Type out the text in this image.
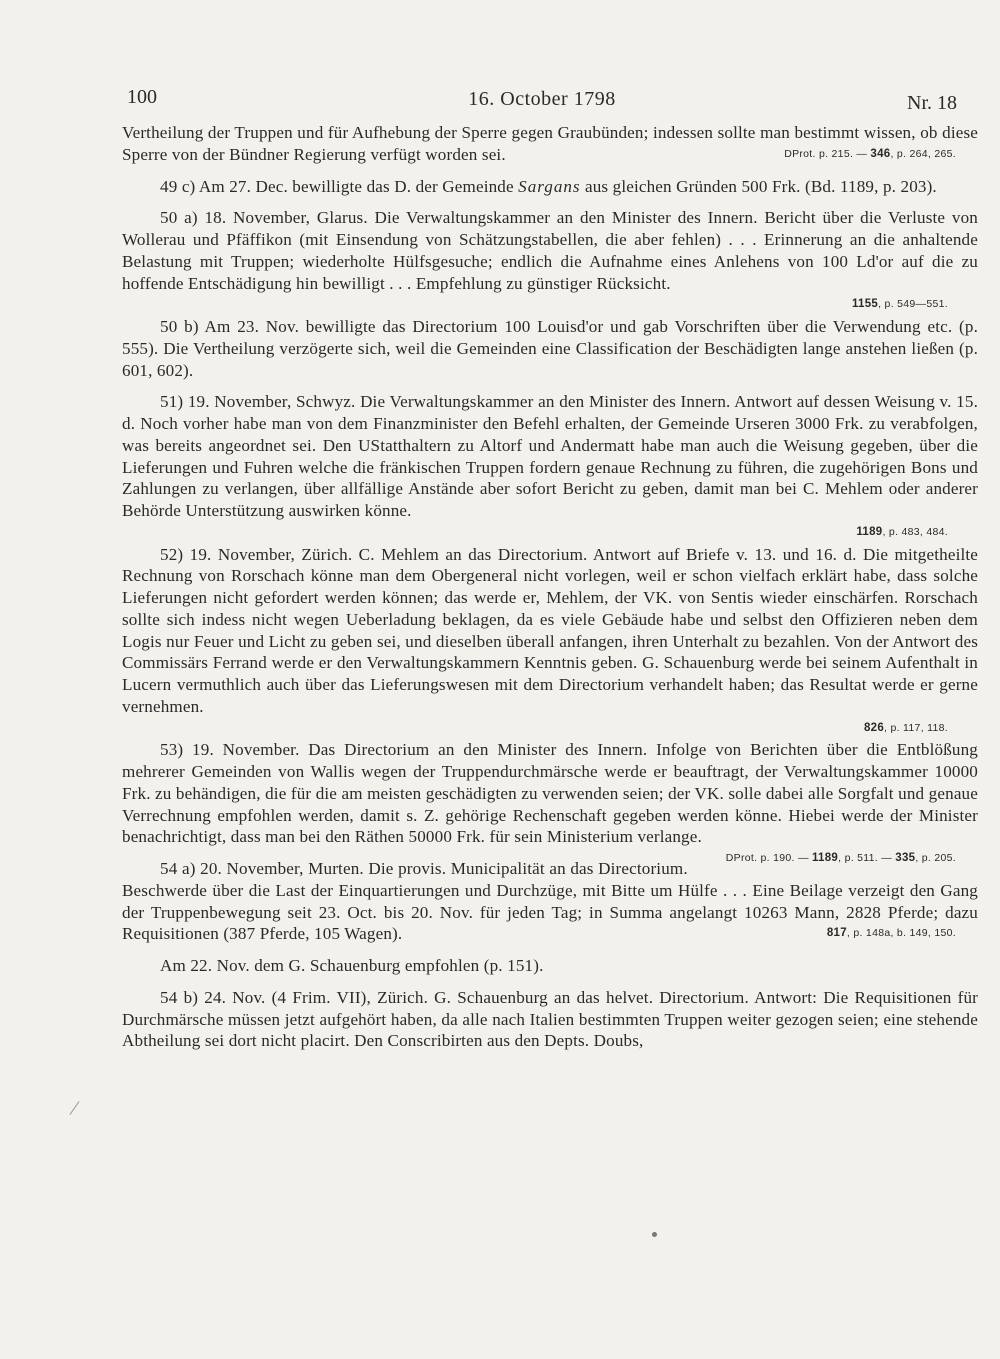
100	16. October 1798	Nr. 18

Vertheilung der Truppen und für Aufhebung der Sperre gegen Graubünden; indessen sollte man bestimmt wissen, ob diese Sperre von der Bündner Regierung verfügt worden sei.	DProt. p. 215. — 346, p. 264, 265.

49 c) Am 27. Dec. bewilligte das D. der Gemeinde Sargans aus gleichen Gründen 500 Frk. (Bd. 1189, p. 203).

50 a) 18. November, Glarus. Die Verwaltungskammer an den Minister des Innern. Bericht über die Verluste von Wollerau und Pfäffikon (mit Einsendung von Schätzungstabellen, die aber fehlen) . . . Erinnerung an die anhaltende Belastung mit Truppen; wiederholte Hülfsgesuche; endlich die Aufnahme eines Anlehens von 100 Ld'or auf die zu hoffende Entschädigung hin bewilligt . . . Empfehlung zu günstiger Rücksicht.

1155, p. 549—551.

50 b) Am 23. Nov. bewilligte das Directorium 100 Louisd'or und gab Vorschriften über die Verwendung etc. (p. 555). Die Vertheilung verzögerte sich, weil die Gemeinden eine Classification der Beschädigten lange anstehen ließen (p. 601, 602).

51) 19. November, Schwyz. Die Verwaltungskammer an den Minister des Innern. Antwort auf dessen Weisung v. 15. d. Noch vorher habe man von dem Finanzminister den Befehl erhalten, der Gemeinde Urseren 3000 Frk. zu verabfolgen, was bereits angeordnet sei. Den UStatthaltern zu Altorf und Andermatt habe man auch die Weisung gegeben, über die Lieferungen und Fuhren welche die fränkischen Truppen fordern genaue Rechnung zu führen, die zugehörigen Bons und Zahlungen zu verlangen, über allfällige Anstände aber sofort Bericht zu geben, damit man bei C. Mehlem oder anderer Behörde Unterstützung auswirken könne.

1189, p. 483, 484.

52) 19. November, Zürich. C. Mehlem an das Directorium. Antwort auf Briefe v. 13. und 16. d. Die mitgetheilte Rechnung von Rorschach könne man dem Obergeneral nicht vorlegen, weil er schon vielfach erklärt habe, dass solche Lieferungen nicht gefordert werden können; das werde er, Mehlem, der VK. von Sentis wieder einschärfen. Rorschach sollte sich indess nicht wegen Ueberladung beklagen, da es viele Gebäude habe und selbst den Offizieren neben dem Logis nur Feuer und Licht zu geben sei, und dieselben überall anfangen, ihren Unterhalt zu bezahlen. Von der Antwort des Commissärs Ferrand werde er den Verwaltungskammern Kenntnis geben. G. Schauenburg werde bei seinem Aufenthalt in Lucern vermuthlich auch über das Lieferungswesen mit dem Directorium verhandelt haben; das Resultat werde er gerne vernehmen.

826, p. 117, 118.

53) 19. November. Das Directorium an den Minister des Innern. Infolge von Berichten über die Entblößung mehrerer Gemeinden von Wallis wegen der Truppendurchmärsche werde er beauftragt, der Verwaltungskammer 10000 Frk. zu behändigen, die für die am meisten geschädigten zu verwenden seien; der VK. solle dabei alle Sorgfalt und genaue Verrechnung empfohlen werden, damit s. Z. gehörige Rechenschaft gegeben werden könne. Hiebei werde der Minister benachrichtigt, dass man bei den Räthen 50000 Frk. für sein Ministerium verlange.
DProt. p. 190. — 1189, p. 511. — 335, p. 205.

54 a) 20. November, Murten. Die provis. Municipalität an das Directorium. Beschwerde über die Last der Einquartierungen und Durchzüge, mit Bitte um Hülfe . . . Eine Beilage verzeigt den Gang der Truppenbewegung seit 23. Oct. bis 20. Nov. für jeden Tag; in Summa angelangt 10263 Mann, 2828 Pferde; dazu Requisitionen (387 Pferde, 105 Wagen).	817, p. 148a, b. 149, 150.

Am 22. Nov. dem G. Schauenburg empfohlen (p. 151).

54 b) 24. Nov. (4 Frim. VII), Zürich. G. Schauenburg an das helvet. Directorium. Antwort: Die Requisitionen für Durchmärsche müssen jetzt aufgehört haben, da alle nach Italien bestimmten Truppen weiter gezogen seien; eine stehende Abtheilung sei dort nicht placirt. Den Conscribirten aus den Depts. Doubs,
